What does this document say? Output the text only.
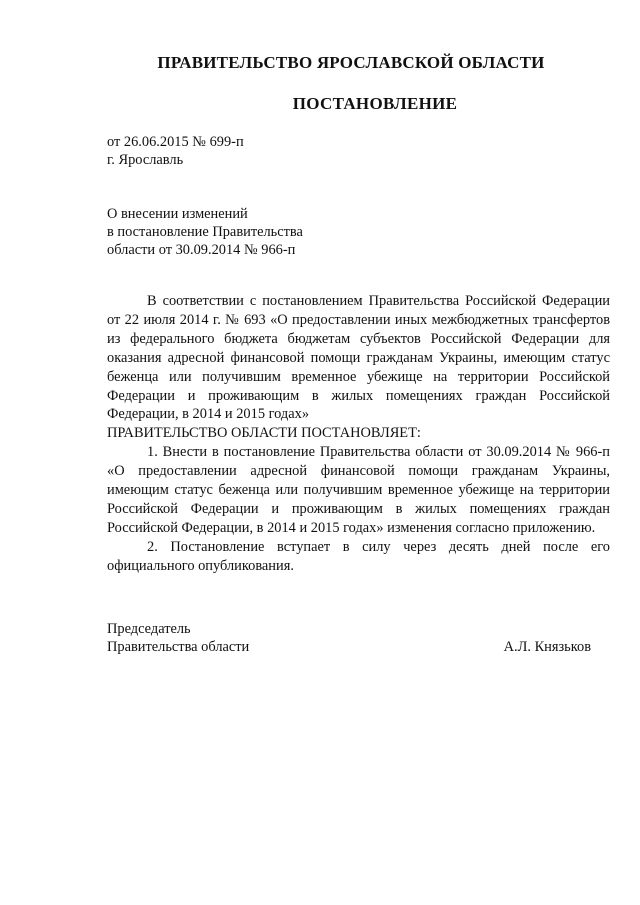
ПРАВИТЕЛЬСТВО ЯРОСЛАВСКОЙ ОБЛАСТИ
ПОСТАНОВЛЕНИЕ
от 26.06.2015 № 699-п
г. Ярославль
О внесении изменений
в постановление Правительства
области от 30.09.2014 № 966-п

В соответствии с постановлением Правительства Российской Федерации от 22 июля 2014 г. № 693 «О предоставлении иных межбюджетных трансфертов из федерального бюджета бюджетам субъектов Российской Федерации для оказания адресной финансовой помощи гражданам Украины, имеющим статус беженца или получившим временное убежище на территории Российской Федерации и проживающим в жилых помещениях граждан Российской Федерации, в 2014 и 2015 годах»

ПРАВИТЕЛЬСТВО ОБЛАСТИ ПОСТАНОВЛЯЕТ:

1. Внести в постановление Правительства области от 30.09.2014 № 966-п «О предоставлении адресной финансовой помощи гражданам Украины, имеющим статус беженца или получившим временное убежище на территории Российской Федерации и проживающим в жилых помещениях граждан Российской Федерации, в 2014 и 2015 годах» изменения согласно приложению.

2. Постановление вступает в силу через десять дней после его официального опубликования.

Председатель
Правительства области	А.Л. Князьков
